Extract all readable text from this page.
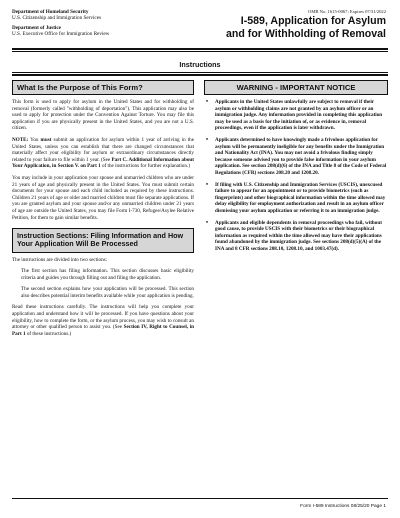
Department of Homeland Security
U.S. Citizenship and Immigration Services
Department of Justice
U.S. Executive Office for Immigration Review
OMB No. 1615-0067; Expires 07/31/2022
I-589, Application for Asylum
and for Withholding of Removal
Instructions
What Is the Purpose of This Form?

This form is used to apply for asylum in the United States and for withholding of removal (formerly called "withholding of deportation"). This application may also be used to apply for protection under the Convention Against Torture. You may file this application if you are physically present in the United States, and you are not a U.S. citizen.

NOTE: You must submit an application for asylum within 1 year of arriving in the United States, unless you can establish that there are changed circumstances that materially affect your eligibility for asylum or extraordinary circumstances directly related to your failure to file within 1 year. (See Part C. Additional Information about Your Application, in Section V. on Part 1 of the instructions for further explanation.)

You may include in your application your spouse and unmarried children who are under 21 years of age and physically present in the United States. You must submit certain documents for your spouse and each child included as required by these instructions. Children 21 years of age or older and married children must file separate applications. If you are granted asylum and your spouse and/or any unmarried children under 21 years of age are outside the United States, you may file Form I-730, Refugee/Asylee Relative Petition, for them to gain similar benefits.

Instruction Sections: Filing Information and How Your Application Will Be Processed

The instructions are divided into two sections:

The first section has filing information. This section discusses basic eligibility criteria and guides you through filling out and filing the application.

The second section explains how your application will be processed. This section also describes potential interim benefits available while your application is pending.

Read these instructions carefully. The instructions will help you complete your application and understand how it will be processed. If you have questions about your eligibility, how to complete the form, or the asylum process, you may wish to consult an attorney or other qualified person to assist you. (See Section IV, Right to Counsel, in Part 1 of these instructions.)

WARNING - IMPORTANT NOTICE
• Applicants in the United States unlawfully are subject to removal if their asylum or withholding claims are not granted by an asylum officer or an immigration judge. Any information provided in completing this application may be used as a basis for the initiation of, or as evidence in, removal proceedings, even if the application is later withdrawn.
• Applicants determined to have knowingly made a frivolous application for asylum will be permanently ineligible for any benefits under the Immigration and Nationality Act (INA). You may not avoid a frivolous finding simply because someone advised you to provide false information in your asylum application. See section 208(d)(6) of the INA and Title 8 of the Code of Federal Regulations (CFR) sections 208.20 and 1208.20.
• If filing with U.S. Citizenship and Immigration Services (USCIS), unexcused failure to appear for an appointment or to provide biometrics (such as fingerprints) and other biographical information within the time allowed may delay eligibility for employment authorization and result in an asylum officer dismissing your asylum application or referring it to an immigration judge.
• Applicants and eligible dependents in removal proceedings who fail, without good cause, to provide USCIS with their biometrics or their biographical information as required within the time allowed may have their applications found abandoned by the immigration judge. See sections 208(d)(5)(A) of the INA and 8 CFR sections 208.10, 1208.10, and 1003.47(d).
Form I-589 Instructions 08/25/20 Page 1
